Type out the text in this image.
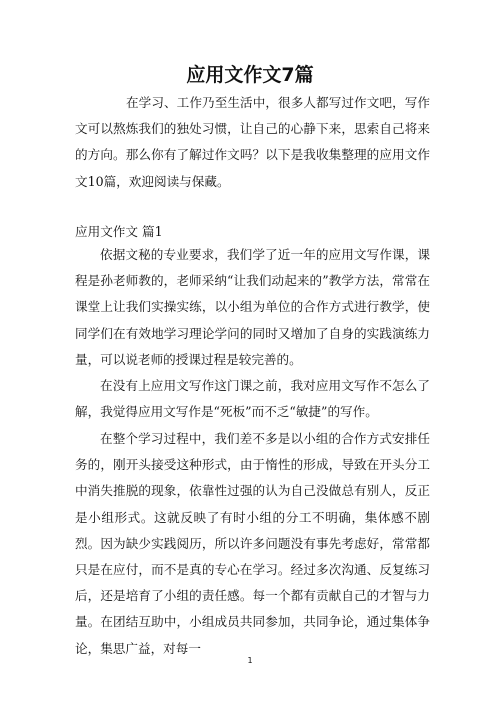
应用文作文7篇
在学习、工作乃至生活中，很多人都写过作文吧，写作文可以熬炼我们的独处习惯，让自己的心静下来，思索自己将来的方向。那么你有了解过作文吗？以下是我收集整理的应用文作文10篇，欢迎阅读与保藏。
应用文作文 篇1
依据文秘的专业要求，我们学了近一年的应用文写作课，课程是孙老师教的，老师采纳“让我们动起来的”教学方法，常常在课堂上让我们实操实练，以小组为单位的合作方式进行教学，使同学们在有效地学习理论学问的同时又增加了自身的实践演练力量，可以说老师的授课过程是较完善的。
在没有上应用文写作这门课之前，我对应用文写作不怎么了解，我觉得应用文写作是“死板”而不乏“敏捷”的写作。
在整个学习过程中，我们差不多是以小组的合作方式安排任务的，刚开头接受这种形式，由于惰性的形成，导致在开头分工中消失推脱的现象，依靠性过强的认为自己没做总有别人，反正是小组形式。这就反映了有时小组的分工不明确，集体感不剧烈。因为缺少实践阅历，所以许多问题没有事先考虑好，常常都只是在应付，而不是真的专心在学习。经过多次沟通、反复练习后，还是培育了小组的责任感。每一个都有贡献自己的才智与力量。在团结互助中，小组成员共同参加，共同争论，通过集体争论，集思广益，对每一
1
